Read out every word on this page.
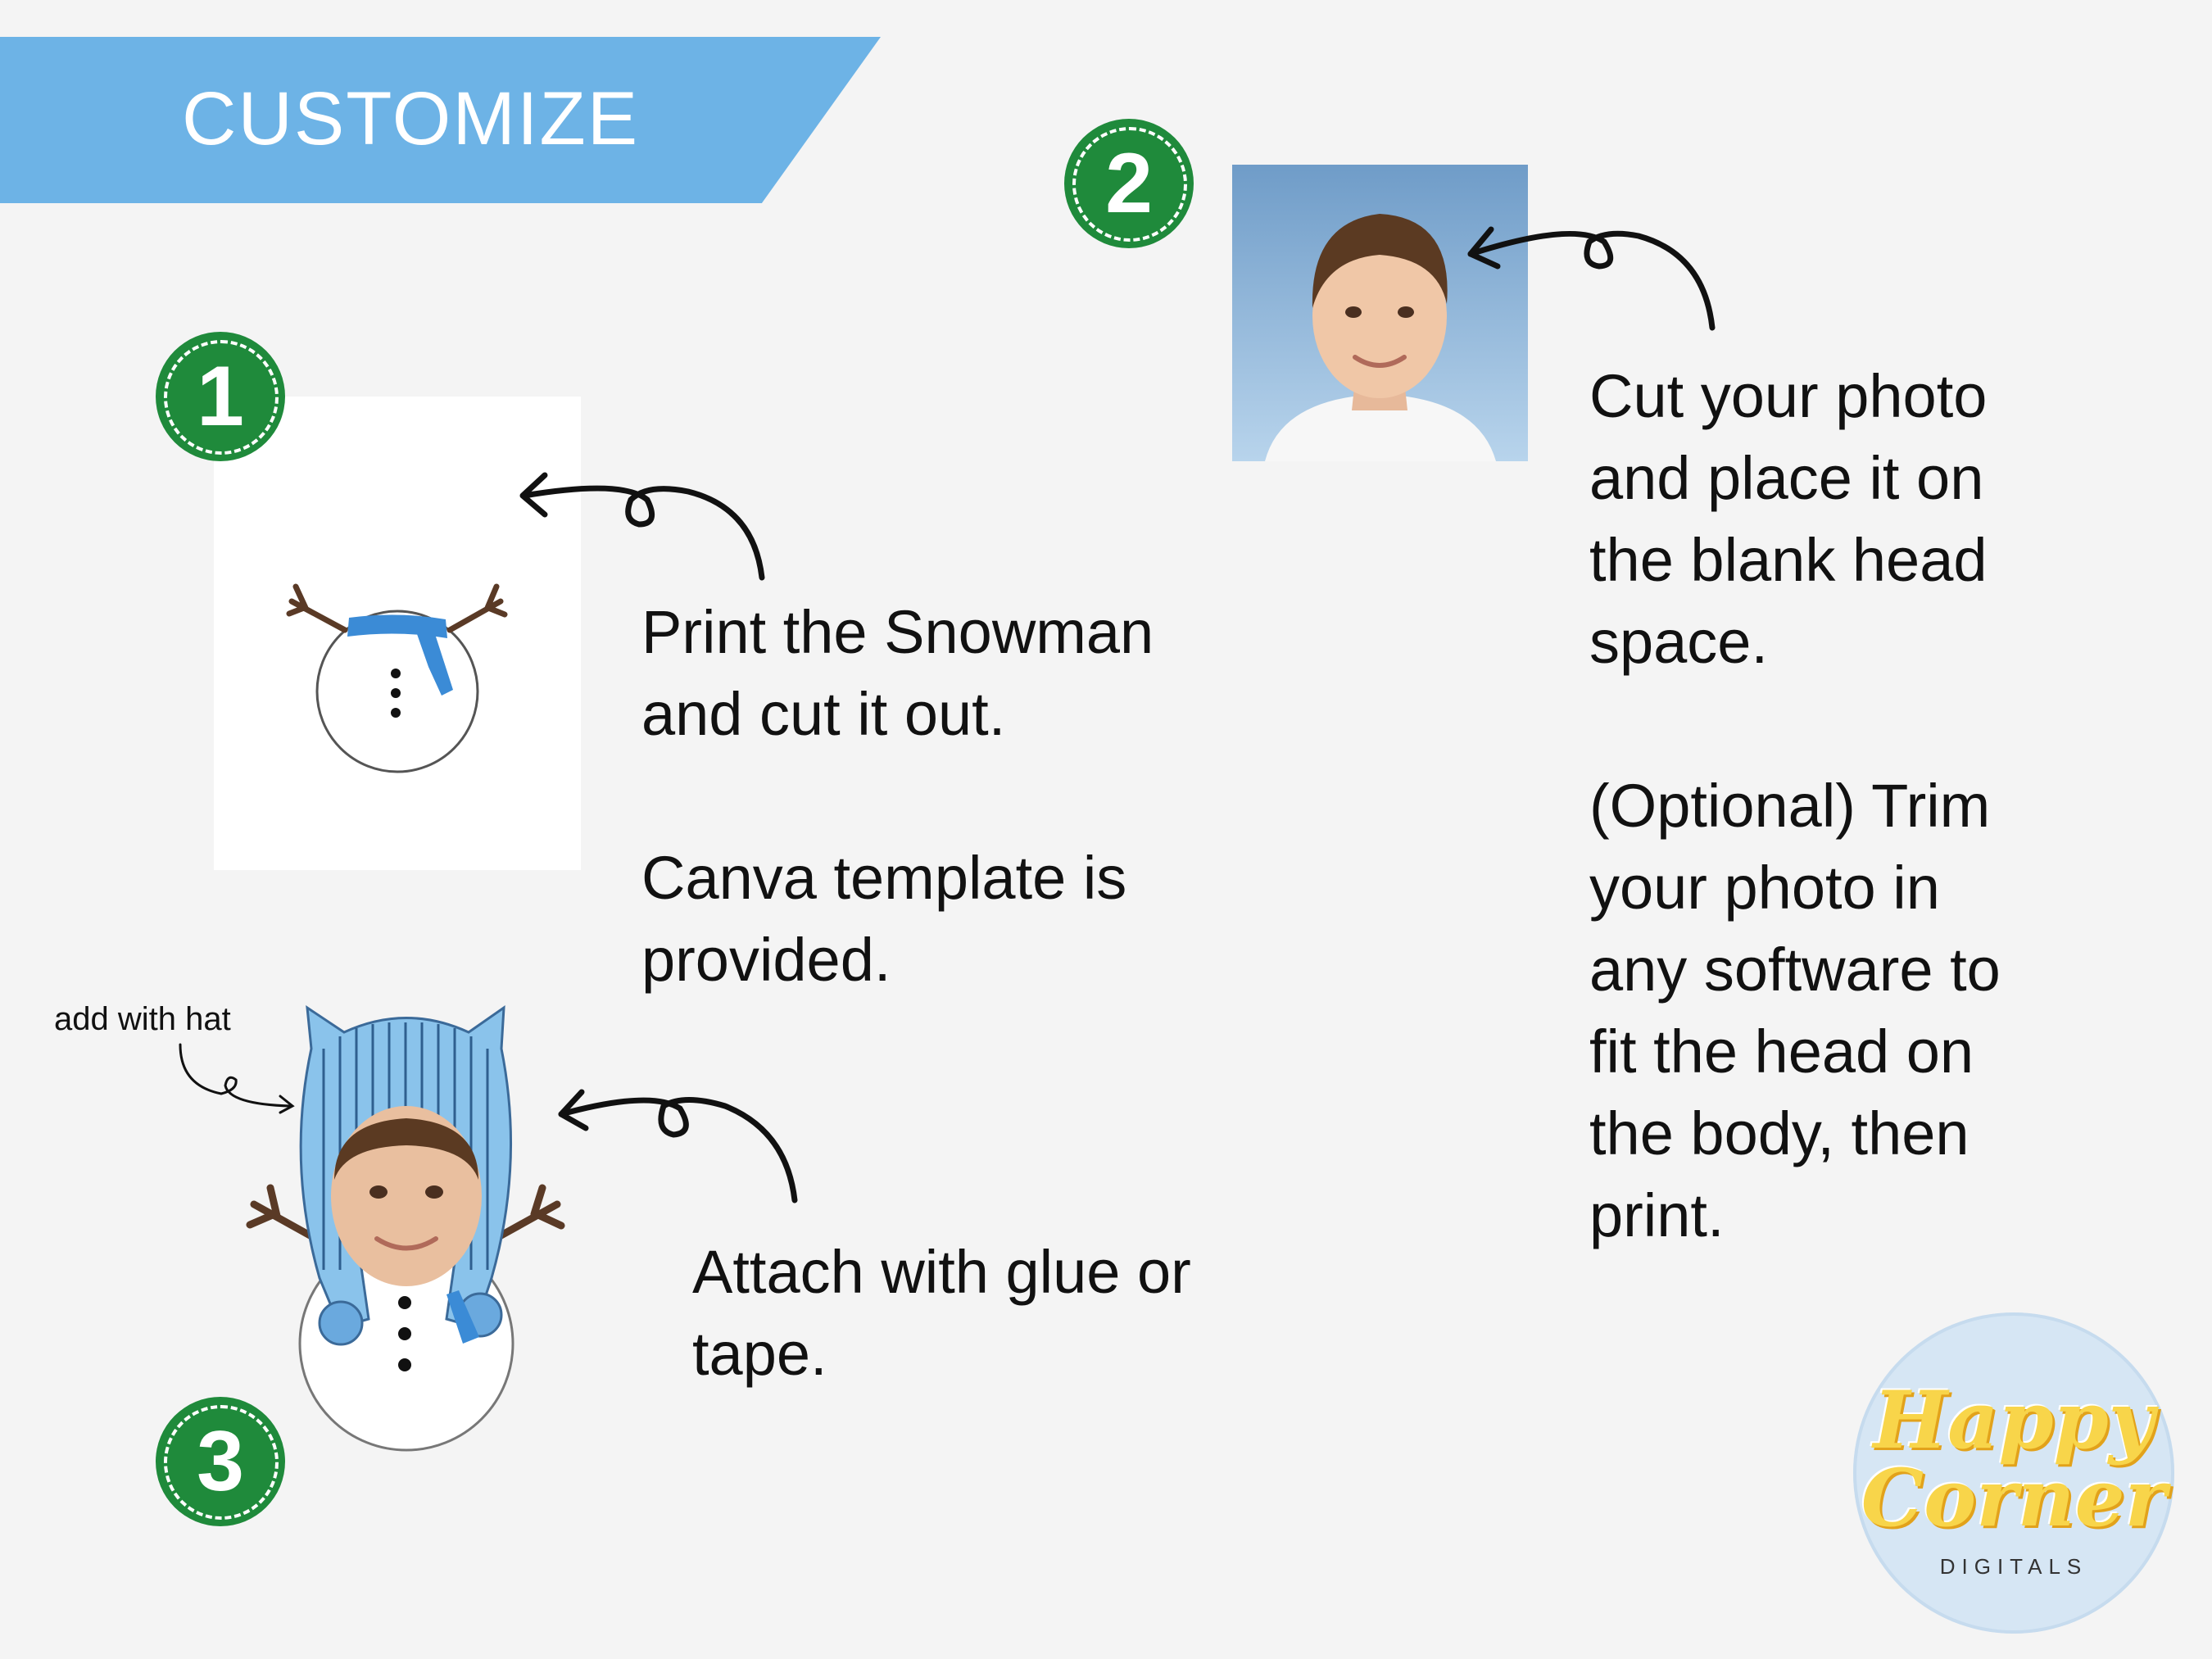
CUSTOMIZE
1
2
3
Print the Snowman
and cut it out.

Canva template is
provided.
Cut your photo
and place it on
the blank head
space.

(Optional) Trim
your photo in
any software to
fit the head on
the body, then
print.
Attach with glue or
tape.
add with hat
Happy
Corner
DIGITALS
